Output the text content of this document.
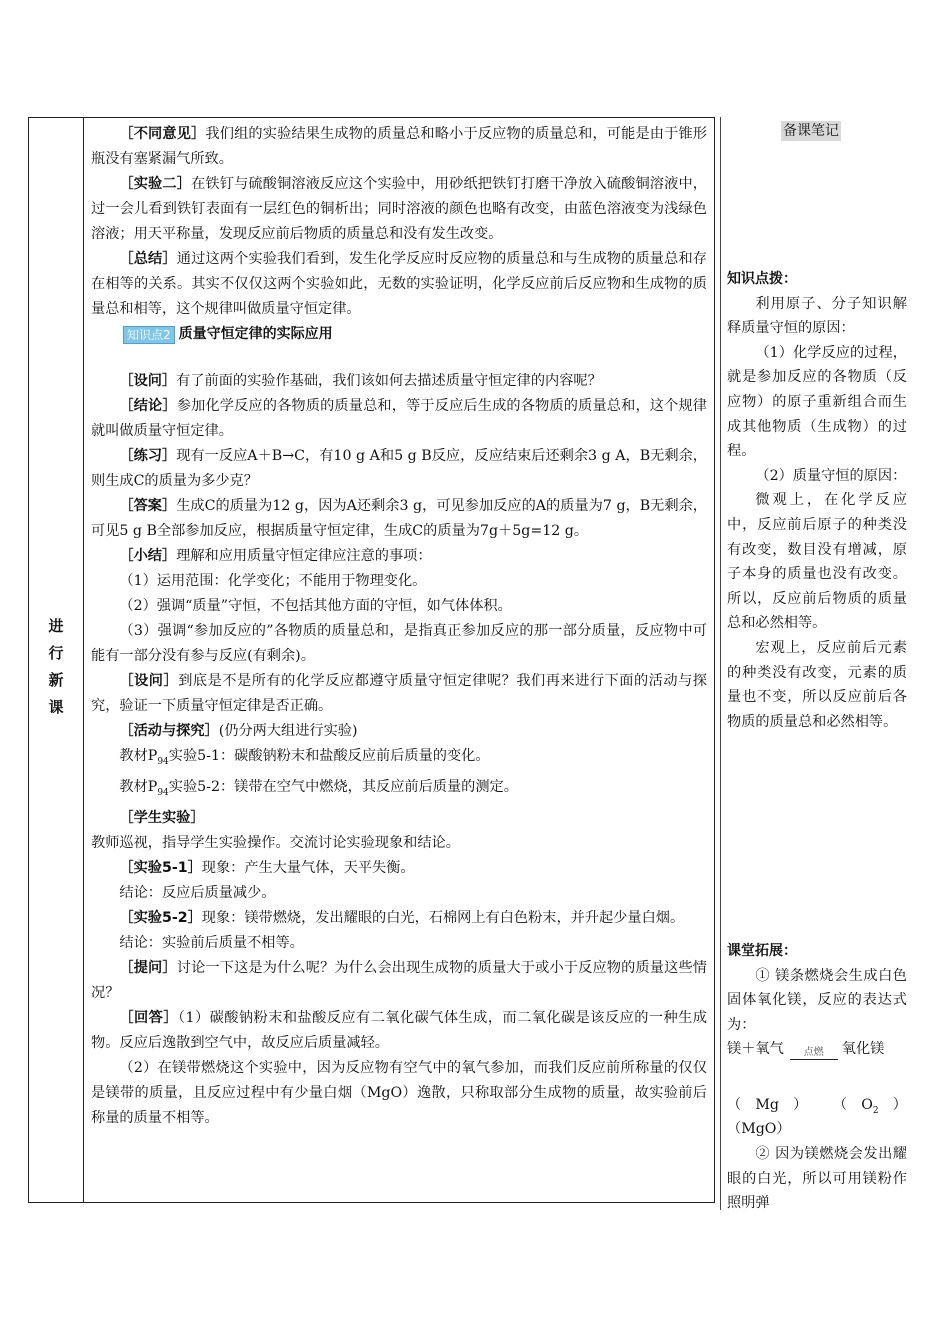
进
行
新
课

［不同意见］我们组的实验结果生成物的质量总和略小于反应物的质量总和，可能是由于锥形瓶没有塞紧漏气所致。

［实验二］在铁钉与硫酸铜溶液反应这个实验中，用砂纸把铁钉打磨干净放入硫酸铜溶液中，过一会儿看到铁钉表面有一层红色的铜析出；同时溶液的颜色也略有改变，由蓝色溶液变为浅绿色溶液；用天平称量，发现反应前后物质的质量总和没有发生改变。

［总结］通过这两个实验我们看到，发生化学反应时反应物的质量总和与生成物的质量总和存在相等的关系。其实不仅仅这两个实验如此，无数的实验证明，化学反应前后反应物和生成物的质量总和相等，这个规律叫做质量守恒定律。

知识点2 质量守恒定律的实际应用

［设问］有了前面的实验作基础，我们该如何去描述质量守恒定律的内容呢？

［结论］参加化学反应的各物质的质量总和，等于反应后生成的各物质的质量总和，这个规律就叫做质量守恒定律。

［练习］现有一反应A＋B→C，有10 g A和5 g B反应，反应结束后还剩余3 g A，B无剩余，则生成C的质量为多少克？

［答案］生成C的质量为12 g，因为A还剩余3 g，可见参加反应的A的质量为7 g，B无剩余，可见5 g B全部参加反应，根据质量守恒定律，生成C的质量为7g＋5g=12 g。

［小结］理解和应用质量守恒定律应注意的事项：

（1）运用范围：化学变化；不能用于物理变化。

（2）强调“质量”守恒，不包括其他方面的守恒，如气体体积。

（3）强调“参加反应的”各物质的质量总和，是指真正参加反应的那一部分质量，反应物中可能有一部分没有参与反应(有剩余)。

［设问］到底是不是所有的化学反应都遵守质量守恒定律呢？我们再来进行下面的活动与探究，验证一下质量守恒定律是否正确。

［活动与探究］(仍分两大组进行实验)

教材$P_{94}$实验5-1：碳酸钠粉末和盐酸反应前后质量的变化。

教材$P_{94}$实验5-2：镁带在空气中燃烧，其反应前后质量的测定。

［学生实验］

教师巡视，指导学生实验操作。交流讨论实验现象和结论。

［实验5-1］现象：产生大量气体，天平失衡。

结论：反应后质量减少。

［实验5-2］现象：镁带燃烧，发出耀眼的白光，石棉网上有白色粉末，并升起少量白烟。

结论：实验前后质量不相等。

［提问］讨论一下这是为什么呢？为什么会出现生成物的质量大于或小于反应物的质量这些情况？

［回答］（1）碳酸钠粉末和盐酸反应有二氧化碳气体生成，而二氧化碳是该反应的一种生成物。反应后逸散到空气中，故反应后质量减轻。

（2）在镁带燃烧这个实验中，因为反应物有空气中的氧气参加，而我们反应前所称量的仅仅是镁带的质量，且反应过程中有少量白烟（MgO）逸散，只称取部分生成物的质量，故实验前后称量的质量不相等。

备课笔记

知识点拨：

利用原子、分子知识解释质量守恒的原因：

（1）化学反应的过程，就是参加反应的各物质（反应物）的原子重新组合而生成其他物质（生成物）的过程。

（2）质量守恒的原因：

微观上，在化学反应中，反应前后原子的种类没有改变，数目没有增减，原子本身的质量也没有改变。所以，反应前后物质的质量总和必然相等。

宏观上，反应前后元素的种类没有改变，元素的质量也不变，所以反应前后各物质的质量总和必然相等。

课堂拓展：

① 镁条燃烧会生成白色固体氧化镁，反应的表达式为：

镁＋氧气	点燃	氧化镁
（　Mg　） （　$O_2$　）

（MgO）

② 因为镁燃烧会发出耀眼的白光，所以可用镁粉作照明弹
